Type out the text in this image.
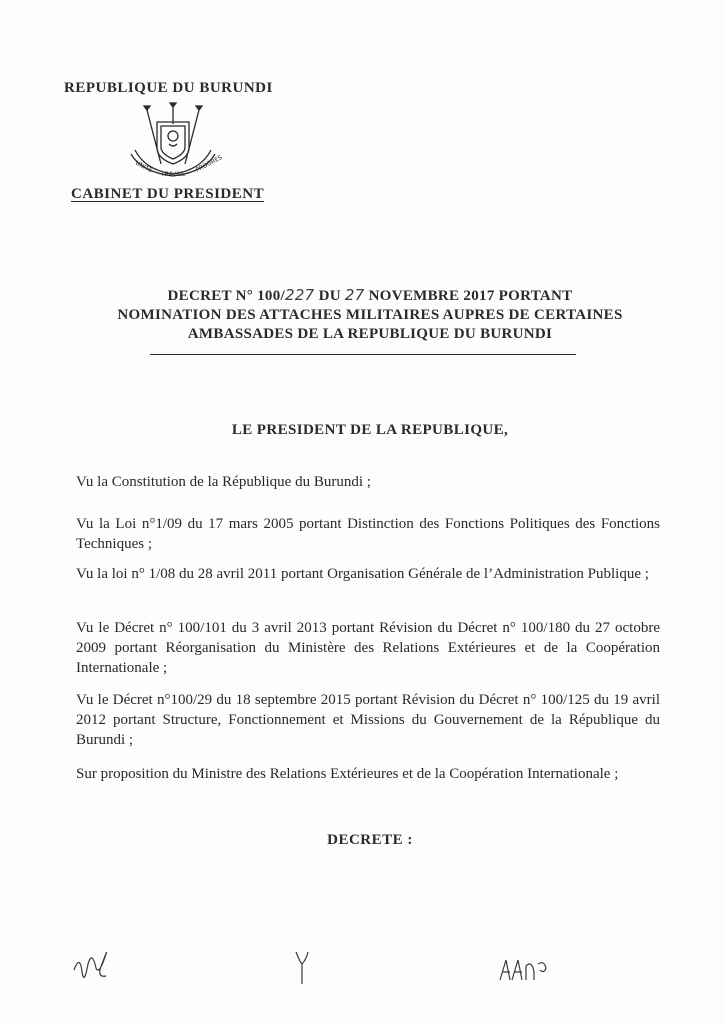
REPUBLIQUE DU BURUNDI
UNITE
TRAVAIL
PROGRES
CABINET DU PRESIDENT
DECRET N° 100/227 DU 27 NOVEMBRE 2017 PORTANT
NOMINATION DES ATTACHES MILITAIRES AUPRES DE CERTAINES
AMBASSADES DE LA REPUBLIQUE DU BURUNDI
LE PRESIDENT DE LA REPUBLIQUE,

Vu la Constitution de la République du Burundi ;

Vu la Loi n°1/09 du 17 mars 2005 portant Distinction des Fonctions Politiques des Fonctions Techniques ;

Vu la loi n° 1/08 du 28 avril 2011 portant Organisation Générale de l’Administration Publique ;

Vu le Décret n° 100/101 du 3 avril 2013 portant Révision du Décret n° 100/180 du 27 octobre 2009 portant Réorganisation du Ministère des Relations Extérieures et de la Coopération Internationale ;

Vu le Décret n°100/29 du 18 septembre 2015 portant Révision du Décret n° 100/125 du 19 avril 2012 portant Structure, Fonctionnement et Missions du Gouvernement de la République du Burundi ;

Sur proposition du Ministre des Relations Extérieures et de la Coopération Internationale ;

DECRETE :
